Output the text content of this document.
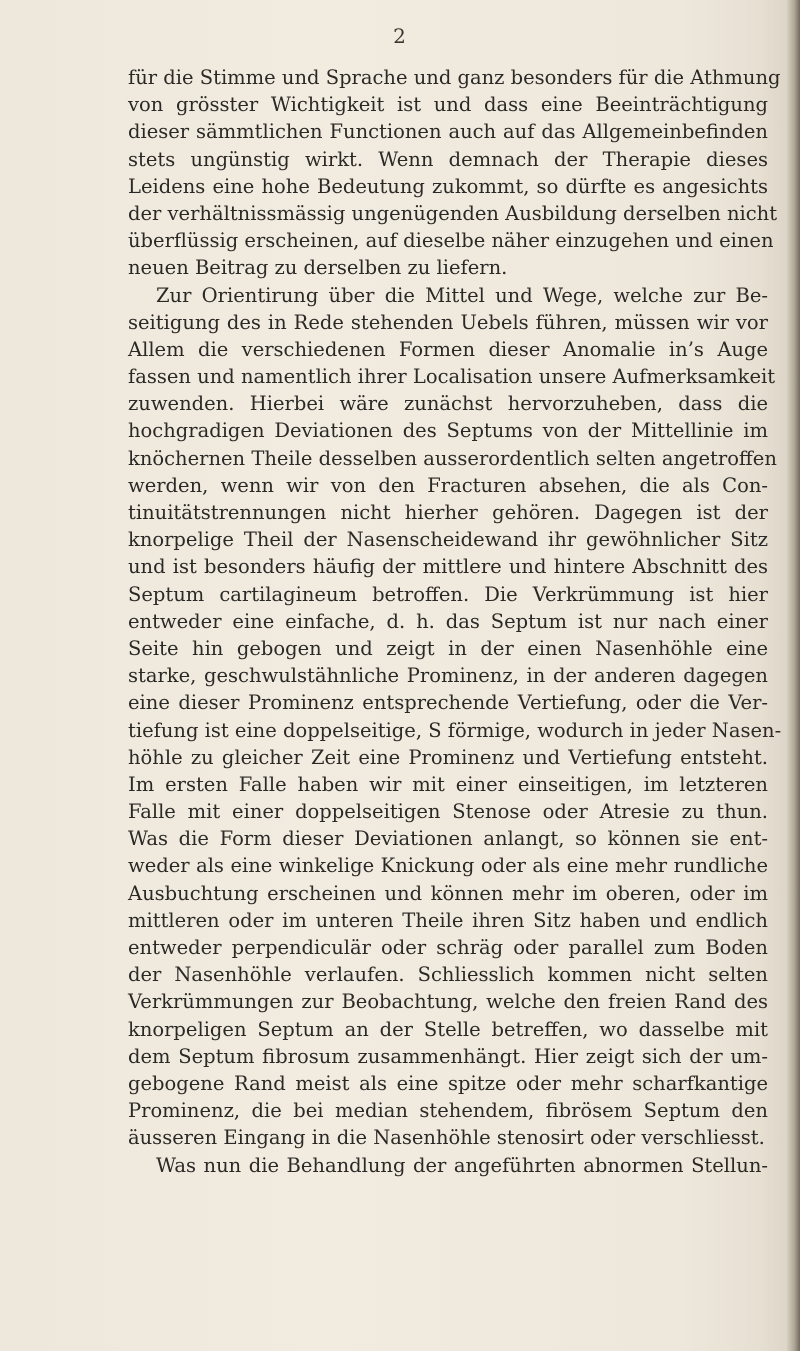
2
für die Stimme und Sprache und ganz besonders für die Athmung
von grösster Wichtigkeit ist und dass eine Beeinträchtigung
dieser sämmtlichen Functionen auch auf das Allgemeinbefinden
stets ungünstig wirkt. Wenn demnach der Therapie dieses
Leidens eine hohe Bedeutung zukommt, so dürfte es angesichts
der verhältnissmässig ungenügenden Ausbildung derselben nicht
überflüssig erscheinen, auf dieselbe näher einzugehen und einen
neuen Beitrag zu derselben zu liefern.
Zur Orientirung über die Mittel und Wege, welche zur Be-
seitigung des in Rede stehenden Uebels führen, müssen wir vor
Allem die verschiedenen Formen dieser Anomalie in’s Auge
fassen und namentlich ihrer Localisation unsere Aufmerksamkeit
zuwenden. Hierbei wäre zunächst hervorzuheben, dass die
hochgradigen Deviationen des Septums von der Mittellinie im
knöchernen Theile desselben ausserordentlich selten angetroffen
werden, wenn wir von den Fracturen absehen, die als Con-
tinuitätstrennungen nicht hierher gehören. Dagegen ist der
knorpelige Theil der Nasenscheidewand ihr gewöhnlicher Sitz
und ist besonders häufig der mittlere und hintere Abschnitt des
Septum cartilagineum betroffen. Die Verkrümmung ist hier
entweder eine einfache, d. h. das Septum ist nur nach einer
Seite hin gebogen und zeigt in der einen Nasenhöhle eine
starke, geschwulstähnliche Prominenz, in der anderen dagegen
eine dieser Prominenz entsprechende Vertiefung, oder die Ver-
tiefung ist eine doppelseitige, S förmige, wodurch in jeder Nasen-
höhle zu gleicher Zeit eine Prominenz und Vertiefung entsteht.
Im ersten Falle haben wir mit einer einseitigen, im letzteren
Falle mit einer doppelseitigen Stenose oder Atresie zu thun.
Was die Form dieser Deviationen anlangt, so können sie ent-
weder als eine winkelige Knickung oder als eine mehr rundliche
Ausbuchtung erscheinen und können mehr im oberen, oder im
mittleren oder im unteren Theile ihren Sitz haben und endlich
entweder perpendiculär oder schräg oder parallel zum Boden
der Nasenhöhle verlaufen. Schliesslich kommen nicht selten
Verkrümmungen zur Beobachtung, welche den freien Rand des
knorpeligen Septum an der Stelle betreffen, wo dasselbe mit
dem Septum fibrosum zusammenhängt. Hier zeigt sich der um-
gebogene Rand meist als eine spitze oder mehr scharfkantige
Prominenz, die bei median stehendem, fibrösem Septum den
äusseren Eingang in die Nasenhöhle stenosirt oder verschliesst.
Was nun die Behandlung der angeführten abnormen Stellun-
